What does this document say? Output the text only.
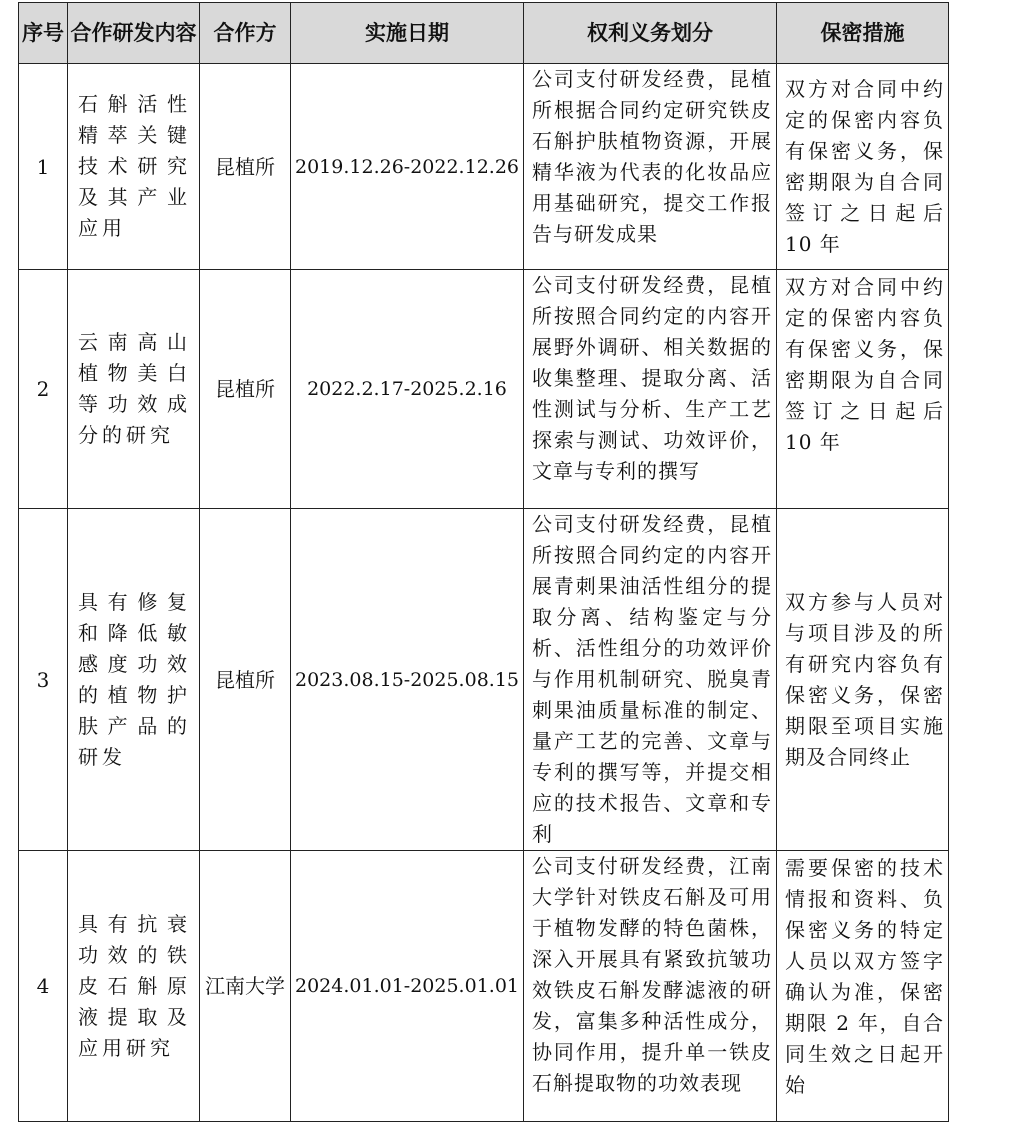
序号	合作研发内容	合作方	实施日期	权利义务划分	保密措施
1	石斛活性精萃关键技术研究及其产业应用	昆植所	2019.12.26-2022.12.26	公司支付研发经费，昆植所根据合同约定研究铁皮石斛护肤植物资源，开展精华液为代表的化妆品应用基础研究，提交工作报告与研发成果	双方对合同中约定的保密内容负有保密义务，保密期限为自合同签订之日起后 10 年
2	云南高山植物美白等功效成分的研究	昆植所	2022.2.17-2025.2.16	公司支付研发经费，昆植所按照合同约定的内容开展野外调研、相关数据的收集整理、提取分离、活性测试与分析、生产工艺探索与测试、功效评价，文章与专利的撰写	双方对合同中约定的保密内容负有保密义务，保密期限为自合同签订之日起后 10 年
3	具有修复和降低敏感度功效的植物护肤产品的研发	昆植所	2023.08.15-2025.08.15	公司支付研发经费，昆植所按照合同约定的内容开展青刺果油活性组分的提取分离、结构鉴定与分析、活性组分的功效评价与作用机制研究、脱臭青刺果油质量标准的制定、量产工艺的完善、文章与专利的撰写等，并提交相应的技术报告、文章和专利	双方参与人员对与项目涉及的所有研究内容负有保密义务，保密期限至项目实施期及合同终止
4	具有抗衰功效的铁皮石斛原液提取及应用研究	江南大学	2024.01.01-2025.01.01	公司支付研发经费，江南大学针对铁皮石斛及可用于植物发酵的特色菌株，深入开展具有紧致抗皱功效铁皮石斛发酵滤液的研发，富集多种活性成分，协同作用，提升单一铁皮石斛提取物的功效表现	需要保密的技术情报和资料、负保密义务的特定人员以双方签字确认为准，保密期限 2 年，自合同生效之日起开始
